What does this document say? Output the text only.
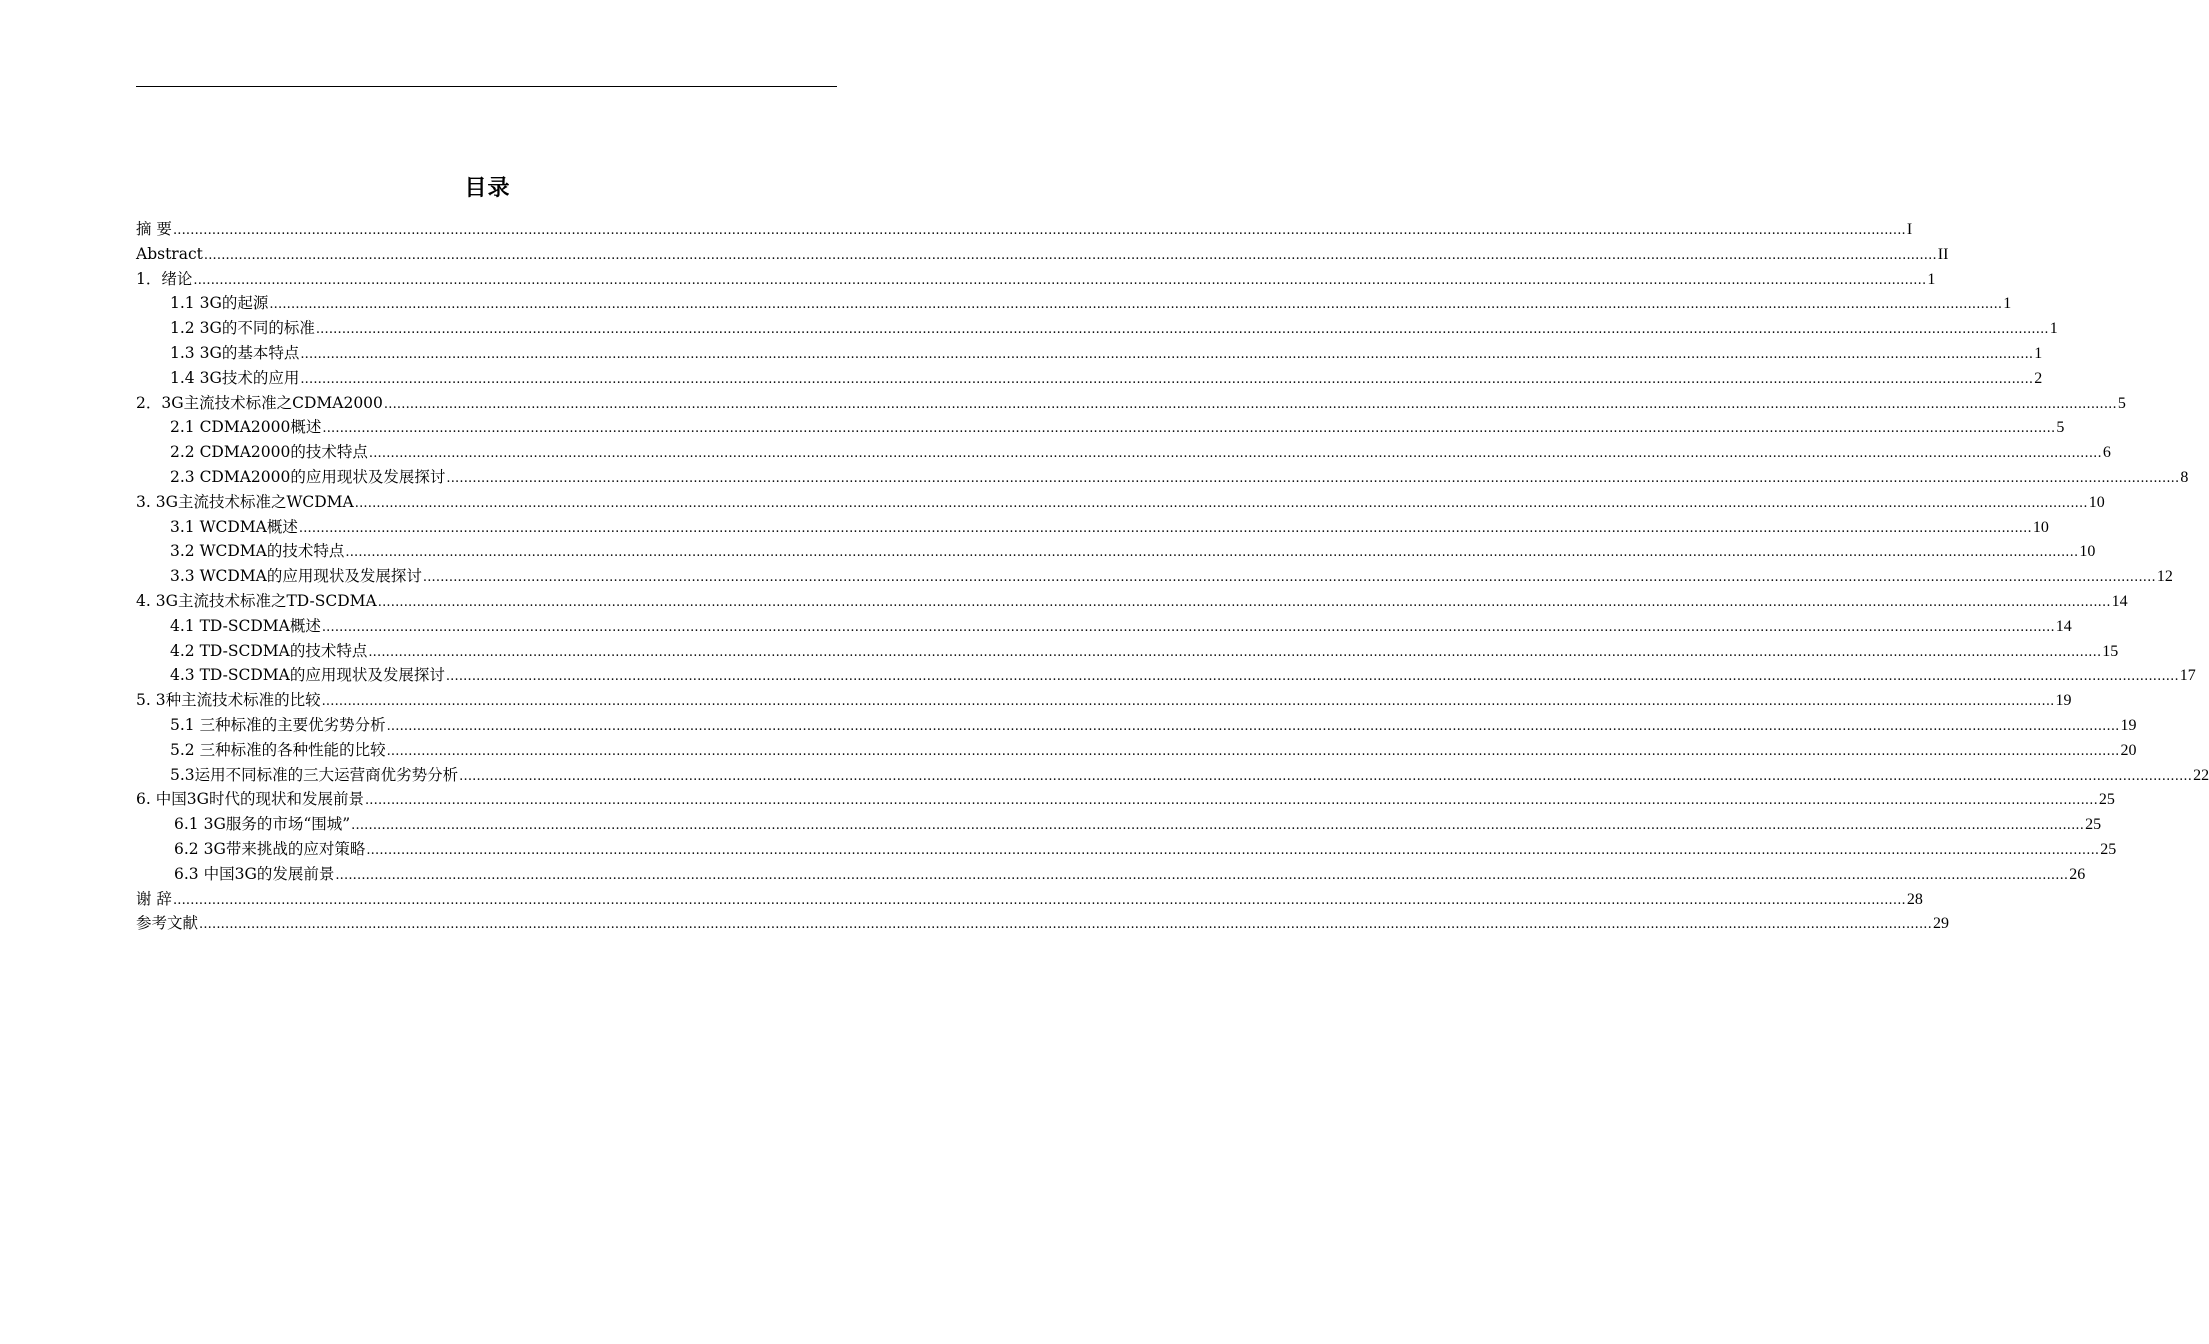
目录
摘 要 ................................................................................................................................................................................................................................................................................................................................................................................................................ I
Abstract ................................................................................................................................................................................................................................................................................................................................................................................................................ II
1．绪论 ................................................................................................................................................................................................................................................................................................................................................................................................................ 1
1.1 3G的起源 ................................................................................................................................................................................................................................................................................................................................................................................................................ 1
1.2 3G的不同的标准 ................................................................................................................................................................................................................................................................................................................................................................................................................ 1
1.3 3G的基本特点 ................................................................................................................................................................................................................................................................................................................................................................................................................ 1
1.4 3G技术的应用 ................................................................................................................................................................................................................................................................................................................................................................................................................ 2
2．3G主流技术标准之CDMA2000 ................................................................................................................................................................................................................................................................................................................................................................................................................ 5
2.1 CDMA2000概述 ................................................................................................................................................................................................................................................................................................................................................................................................................ 5
2.2 CDMA2000的技术特点 ................................................................................................................................................................................................................................................................................................................................................................................................................ 6
2.3 CDMA2000的应用现状及发展探讨 ................................................................................................................................................................................................................................................................................................................................................................................................................ 8
3. 3G主流技术标准之WCDMA ................................................................................................................................................................................................................................................................................................................................................................................................................ 10
3.1 WCDMA概述 ................................................................................................................................................................................................................................................................................................................................................................................................................ 10
3.2 WCDMA的技术特点 ................................................................................................................................................................................................................................................................................................................................................................................................................ 10
3.3 WCDMA的应用现状及发展探讨 ................................................................................................................................................................................................................................................................................................................................................................................................................ 12
4. 3G主流技术标准之TD-SCDMA ................................................................................................................................................................................................................................................................................................................................................................................................................ 14
4.1 TD-SCDMA概述 ................................................................................................................................................................................................................................................................................................................................................................................................................ 14
4.2 TD-SCDMA的技术特点 ................................................................................................................................................................................................................................................................................................................................................................................................................ 15
4.3 TD-SCDMA的应用现状及发展探讨 ................................................................................................................................................................................................................................................................................................................................................................................................................ 17
5. 3种主流技术标准的比较 ................................................................................................................................................................................................................................................................................................................................................................................................................ 19
5.1 三种标准的主要优劣势分析 ................................................................................................................................................................................................................................................................................................................................................................................................................ 19
5.2 三种标准的各种性能的比较 ................................................................................................................................................................................................................................................................................................................................................................................................................ 20
5.3运用不同标准的三大运营商优劣势分析 ................................................................................................................................................................................................................................................................................................................................................................................................................ 22
6. 中国3G时代的现状和发展前景 ................................................................................................................................................................................................................................................................................................................................................................................................................ 25
6.1 3G服务的市场“围城” ................................................................................................................................................................................................................................................................................................................................................................................................................ 25
6.2 3G带来挑战的应对策略 ................................................................................................................................................................................................................................................................................................................................................................................................................ 25
6.3 中国3G的发展前景 ................................................................................................................................................................................................................................................................................................................................................................................................................ 26
谢 辞 ................................................................................................................................................................................................................................................................................................................................................................................................................ 28
参考文献 ................................................................................................................................................................................................................................................................................................................................................................................................................ 29
